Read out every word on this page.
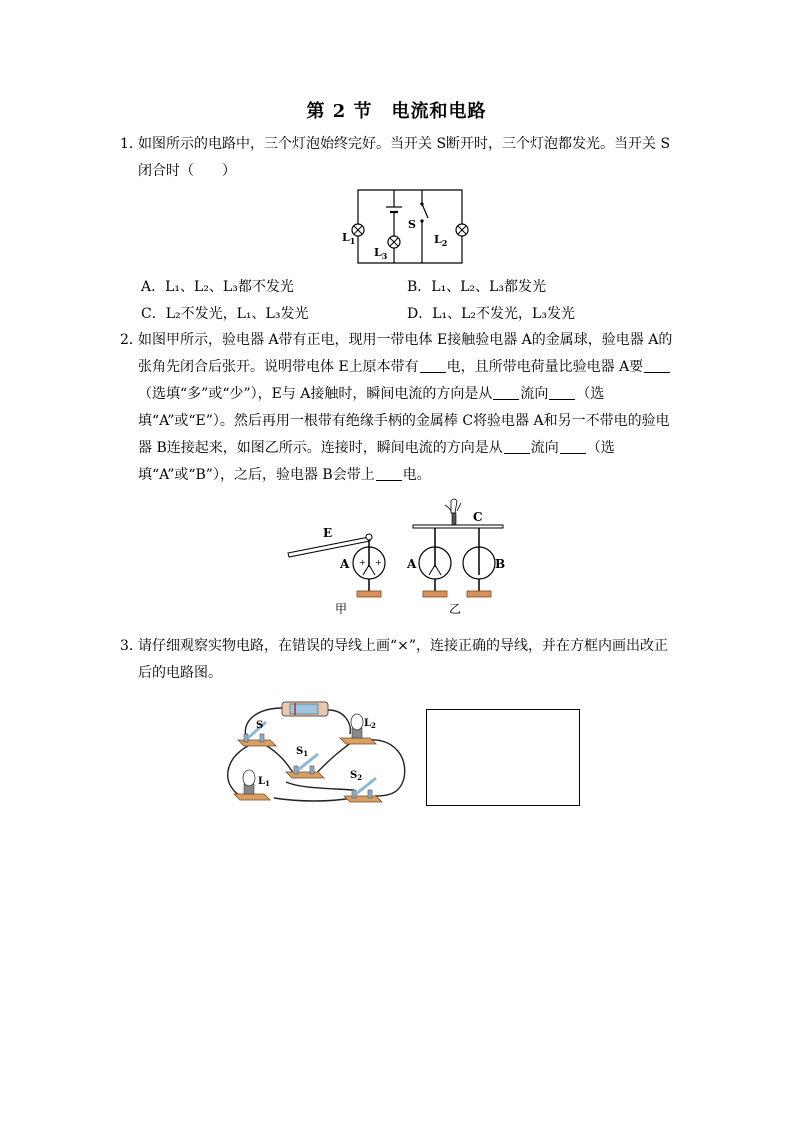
第 2 节　电流和电路
1．
如图所示的电路中，三个灯泡始终完好。当开关 S断开时，三个灯泡都发光。当开关 S闭合时（　　）
$L_1$	$L_2$
$L_3$
S
A．L₁、L₂、L₃都不发光	B．L₁、L₂、L₃都发光
C．L₂不发光，L₁、L₃发光	D．L₁、L₂不发光，L₃发光
2．
如图甲所示，验电器 A带有正电，现用一带电体 E接触验电器 A的金属球，验电器 A的张角先闭合后张开。说明带电体 E上原本带有 电，且所带电荷量比验电器 A要（选填“多”或“少”），E与 A接触时，瞬间电流的方向是从 流向 （选填“A”或“E”）。然后再用一根带有绝缘手柄的金属棒 C将验电器 A和另一不带电的验电器 B连接起来，如图乙所示。连接时，瞬间电流的方向是从 流向 （选填“A”或“B”），之后，验电器 B会带上 电。
+ +
E
A
甲
C
A	B
乙
3．
请仔细观察实物电路，在错误的导线上画“×”，连接正确的导线，并在方框内画出改正后的电路图。
S	$L_2$
$S_1$
$L_1$
$S_2$
